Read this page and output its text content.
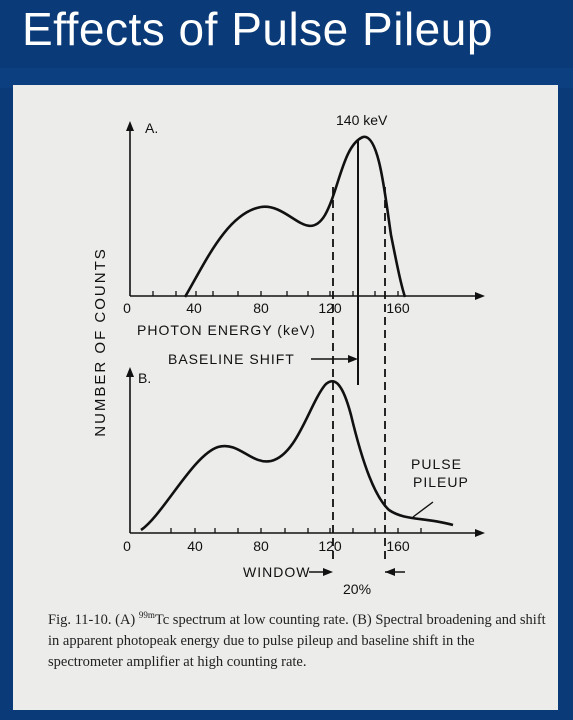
Effects of Pulse Pileup
NUMBER OF COUNTS
A.
0	40	80	120	160
PHOTON ENERGY (keV)
140 keV
BASELINE SHIFT
B.
0	40	80	120	160
PULSE
PILEUP
WINDOW
20%
Fig. 11-10. (A) $^{99m}$Tc spectrum at low counting rate. (B) Spectral broadening and shift in apparent photopeak energy due to pulse pileup and baseline shift in the spectrometer amplifier at high counting rate.
